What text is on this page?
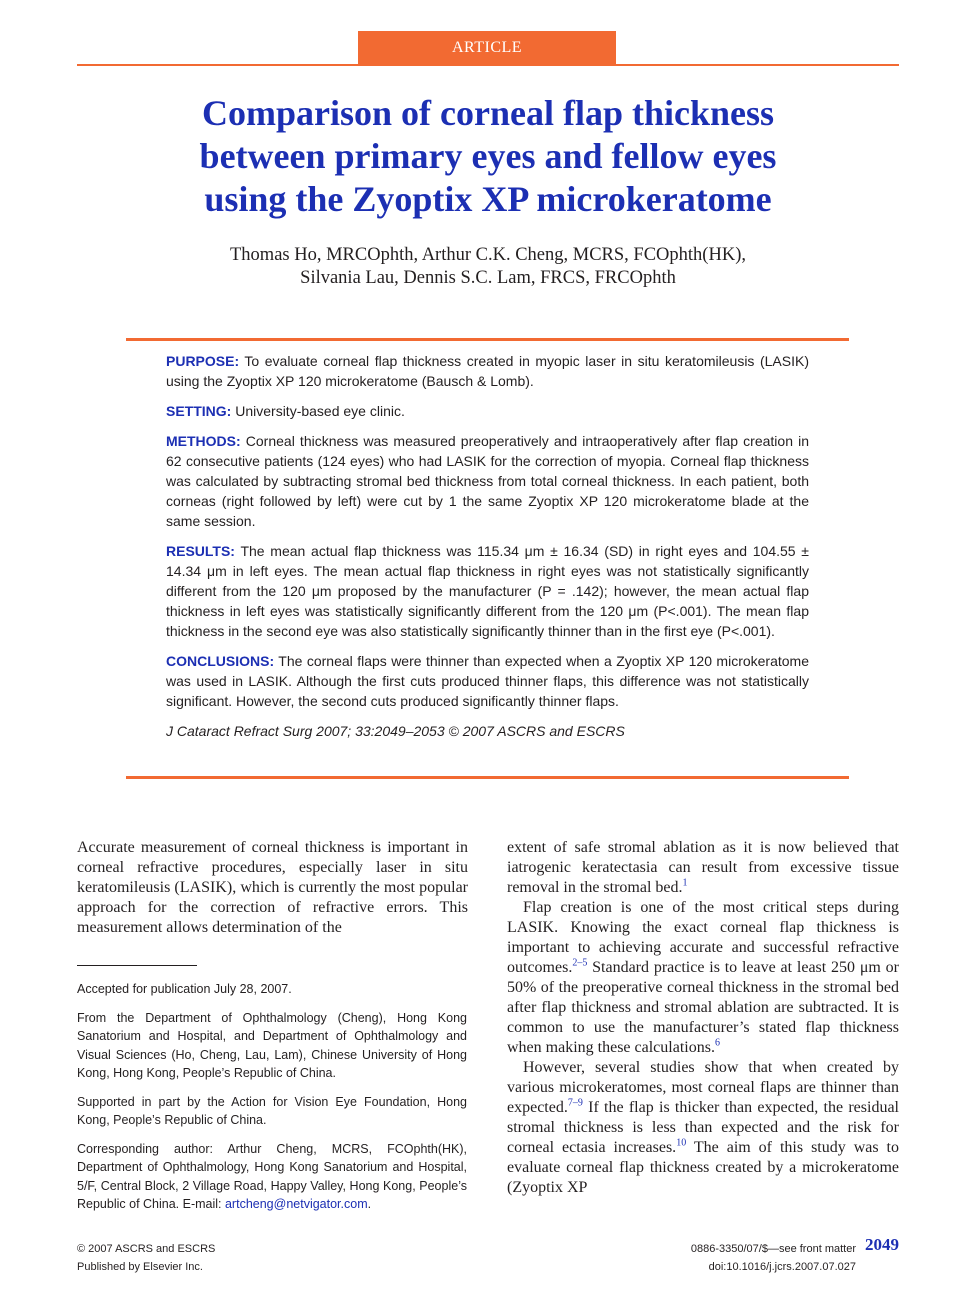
ARTICLE
Comparison of corneal flap thickness
between primary eyes and fellow eyes
using the Zyoptix XP microkeratome
Thomas Ho, MRCOphth, Arthur C.K. Cheng, MCRS, FCOphth(HK),
Silvania Lau, Dennis S.C. Lam, FRCS, FRCOphth

PURPOSE: To evaluate corneal flap thickness created in myopic laser in situ keratomileusis (LASIK) using the Zyoptix XP 120 microkeratome (Bausch & Lomb).

SETTING: University-based eye clinic.

METHODS: Corneal thickness was measured preoperatively and intraoperatively after flap creation in 62 consecutive patients (124 eyes) who had LASIK for the correction of myopia. Corneal flap thickness was calculated by subtracting stromal bed thickness from total corneal thickness. In each patient, both corneas (right followed by left) were cut by 1 the same Zyoptix XP 120 microkeratome blade at the same session.

RESULTS: The mean actual flap thickness was 115.34 μm ± 16.34 (SD) in right eyes and 104.55 ± 14.34 μm in left eyes. The mean actual flap thickness in right eyes was not statistically significantly different from the 120 μm proposed by the manufacturer (P = .142); however, the mean actual flap thickness in left eyes was statistically significantly different from the 120 μm (P<.001). The mean flap thickness in the second eye was also statistically significantly thinner than in the first eye (P<.001).

CONCLUSIONS: The corneal flaps were thinner than expected when a Zyoptix XP 120 microkeratome was used in LASIK. Although the first cuts produced thinner flaps, this difference was not statistically significant. However, the second cuts produced significantly thinner flaps.

J Cataract Refract Surg 2007; 33:2049–2053 © 2007 ASCRS and ESCRS

Accurate measurement of corneal thickness is important in corneal refractive procedures, especially laser in situ keratomileusis (LASIK), which is currently the most popular approach for the correction of refractive errors. This measurement allows determination of the

extent of safe stromal ablation as it is now believed that iatrogenic keratectasia can result from excessive tissue removal in the stromal bed.$^1$

Flap creation is one of the most critical steps during LASIK. Knowing the exact corneal flap thickness is important to achieving accurate and successful refractive outcomes.$^{2-5}$ Standard practice is to leave at least 250 μm or 50% of the preoperative corneal thickness in the stromal bed after flap thickness and stromal ablation are subtracted. It is common to use the manufacturer’s stated flap thickness when making these calculations.$^6$

However, several studies show that when created by various microkeratomes, most corneal flaps are thinner than expected.$^{7-9}$ If the flap is thicker than expected, the residual stromal thickness is less than expected and the risk for corneal ectasia increases.$^{10}$ The aim of this study was to evaluate corneal flap thickness created by a microkeratome (Zyoptix XP

Accepted for publication July 28, 2007.

From the Department of Ophthalmology (Cheng), Hong Kong Sanatorium and Hospital, and Department of Ophthalmology and Visual Sciences (Ho, Cheng, Lau, Lam), Chinese University of Hong Kong, Hong Kong, People’s Republic of China.

Supported in part by the Action for Vision Eye Foundation, Hong Kong, People’s Republic of China.

Corresponding author: Arthur Cheng, MCRS, FCOphth(HK), Department of Ophthalmology, Hong Kong Sanatorium and Hospital, 5/F, Central Block, 2 Village Road, Happy Valley, Hong Kong, People’s Republic of China. E-mail: artcheng@netvigator.com.

© 2007 ASCRS and ESCRS
Published by Elsevier Inc.
0886-3350/07/$—see front matter
doi:10.1016/j.jcrs.2007.07.027
2049
